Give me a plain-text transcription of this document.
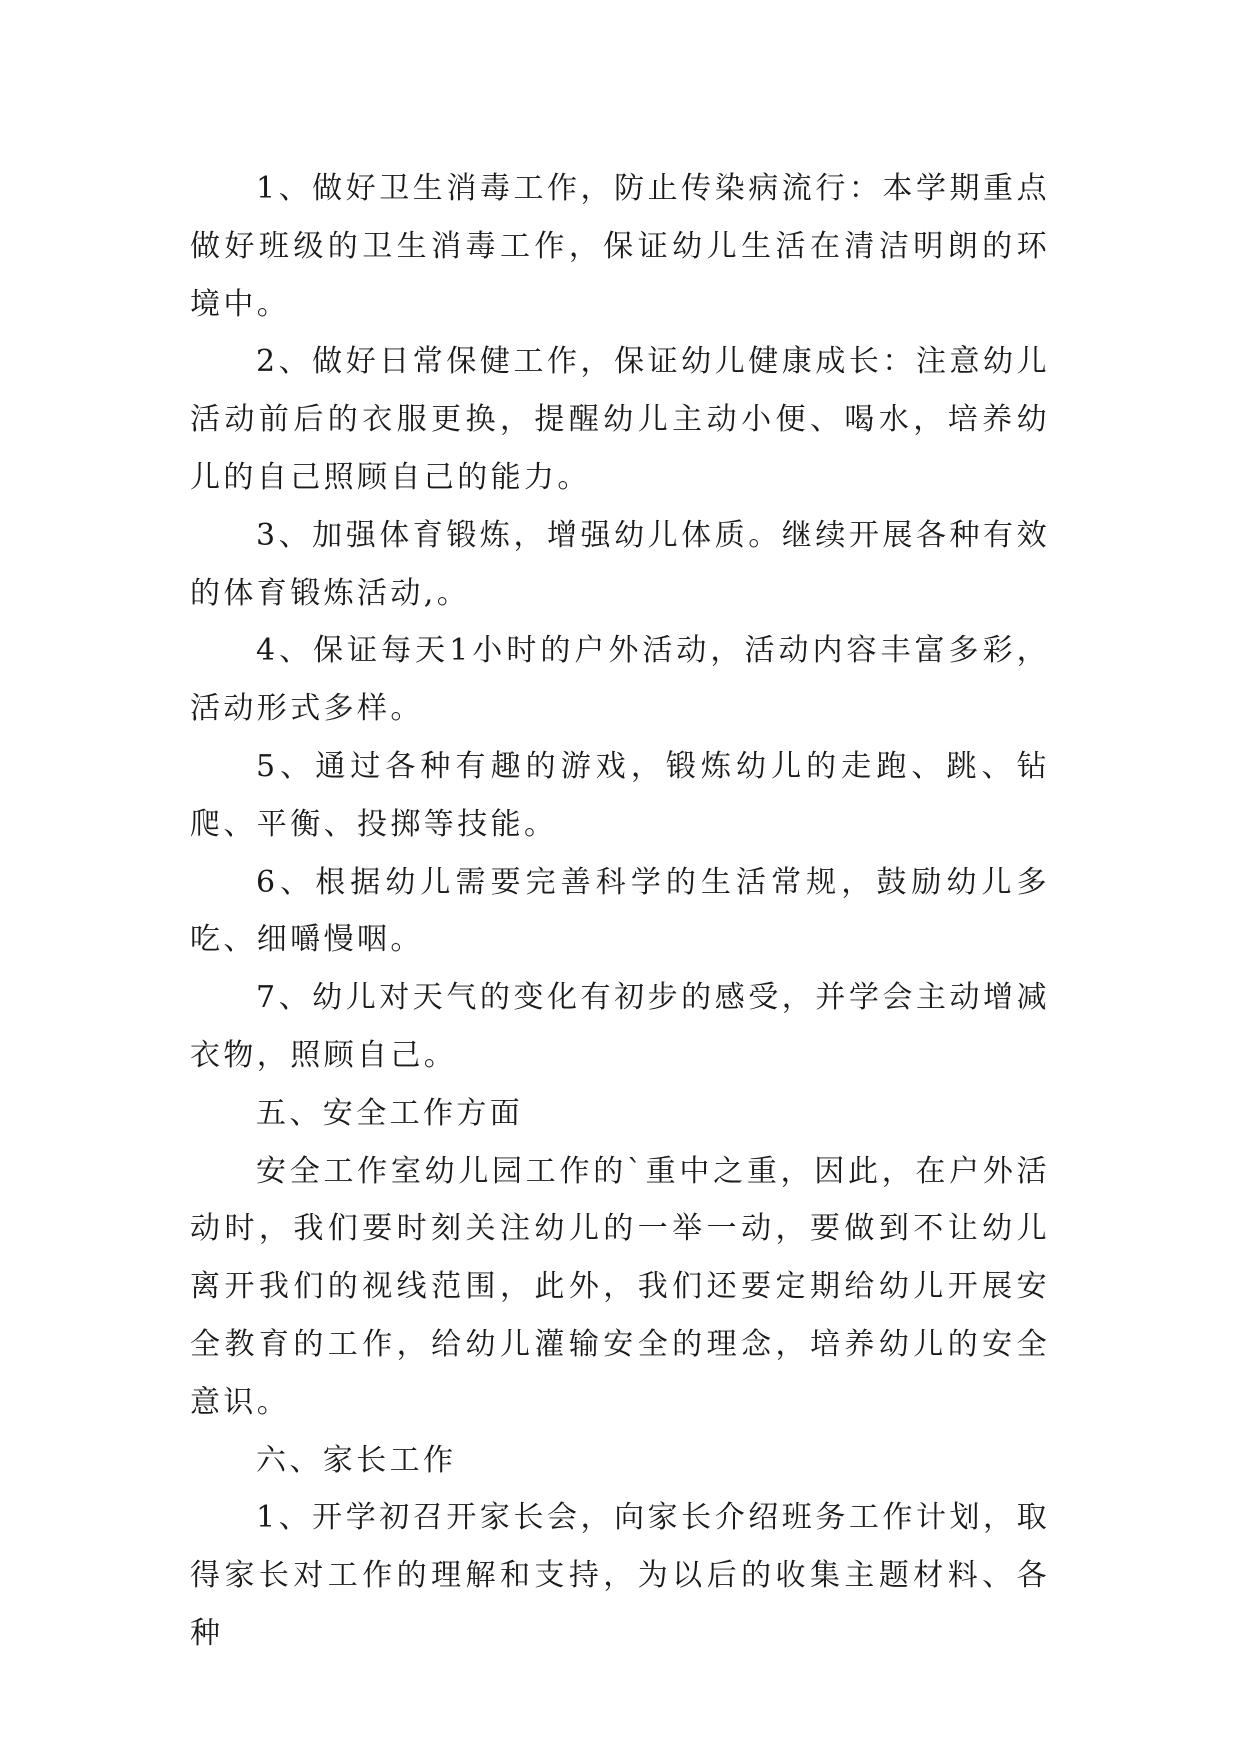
1、做好卫生消毒工作，防止传染病流行：本学期重点做好班级的卫生消毒工作，保证幼儿生活在清洁明朗的环境中。

2、做好日常保健工作，保证幼儿健康成长：注意幼儿活动前后的衣服更换，提醒幼儿主动小便、喝水，培养幼儿的自己照顾自己的能力。

3、加强体育锻炼，增强幼儿体质。继续开展各种有效的体育锻炼活动,。

4、保证每天1小时的户外活动，活动内容丰富多彩，活动形式多样。

5、通过各种有趣的游戏，锻炼幼儿的走跑、跳、钻爬、平衡、投掷等技能。

6、根据幼儿需要完善科学的生活常规，鼓励幼儿多吃、细嚼慢咽。

7、幼儿对天气的变化有初步的感受，并学会主动增减衣物，照顾自己。

五、安全工作方面

安全工作室幼儿园工作的`重中之重，因此，在户外活动时，我们要时刻关注幼儿的一举一动，要做到不让幼儿离开我们的视线范围，此外，我们还要定期给幼儿开展安全教育的工作，给幼儿灌输安全的理念，培养幼儿的安全意识。

六、家长工作

1、开学初召开家长会，向家长介绍班务工作计划，取得家长对工作的理解和支持，为以后的收集主题材料、各种
